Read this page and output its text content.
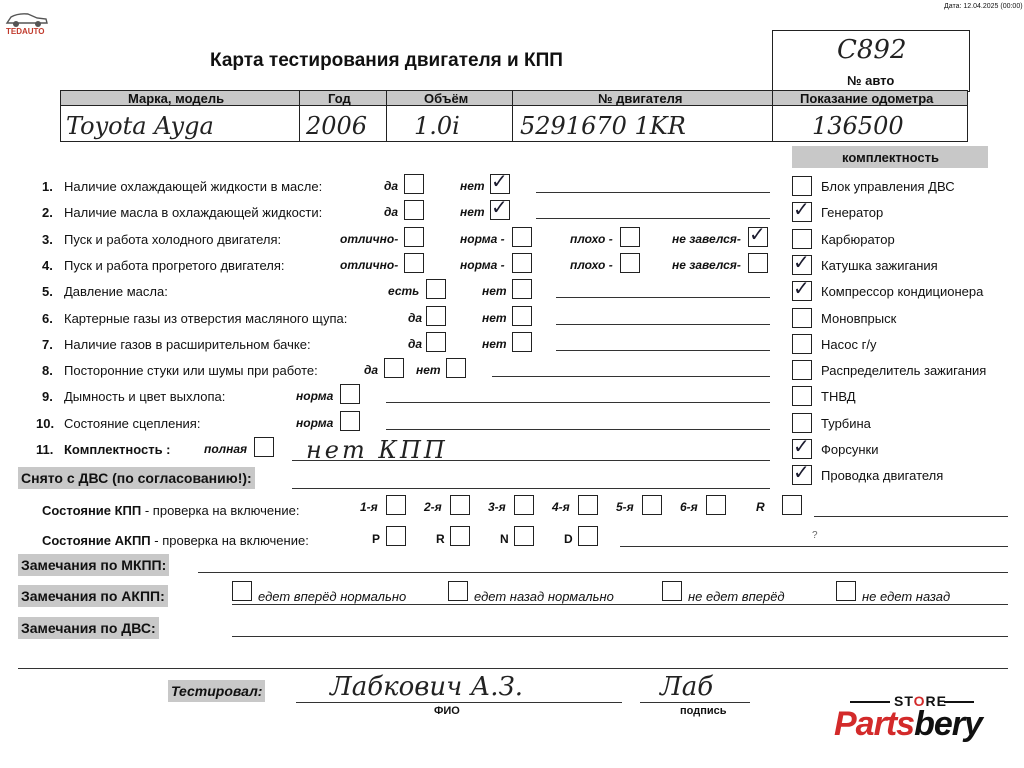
Дата: 12.04.2025 (00:00)
TEDAUTO
Карта тестирования двигателя и КПП	C892
№ авто
Марка, модель	Год	Объём	№ двигателя	Показание одометра
Toyota Ayga	2006 1.0i	5291670 1KR	136500
комплектность
Блок управления ДВС
✓ Генератор
Карбюратор
✓ Катушка зажигания
✓ Компрессор кондиционера
Моновпрыск
Насос г/у
Распределитель зажигания
ТНВД
Турбина
✓ Форсунки
✓ Проводка двигателя
1. Наличие охлаждающей жидкости в масле:	да	нет ✓
2. Наличие масла в охлаждающей жидкости:	да	нет ✓
3. Пуск и работа холодного двигателя:	отлично-	норма -	плохо -	не завелся- ✓
4. Пуск и работа прогретого двигателя:	отлично-	норма -	плохо -	не завелся-
5. Давление масла:	есть	нет
6. Картерные газы из отверстия масляного щупа:	да	нет
7. Наличие газов в расширительном бачке:	да	нет
8. Посторонние стуки или шумы при работе:	да	нет
9. Дымность и цвет выхлопа:	норма
10. Состояние сцепления:	норма
11. Комплектность :	полная нет КПП
Снято с ДВС (по согласованию!):
Состояние КПП - проверка на включение:	1-я	2-я	3-я	4-я	5-я	6-я	R
Состояние АКПП - проверка на включение:	P	R	N	D	?
Замечания по МКПП:
Замечания по АКПП:	едет вперёд нормально	едет назад нормально	не едет вперёд	не едет назад
Замечания по ДВС:
Тестировал:	Лабкович А.З.
ФИО
Лаб
подпись
STORE
Partsbery
